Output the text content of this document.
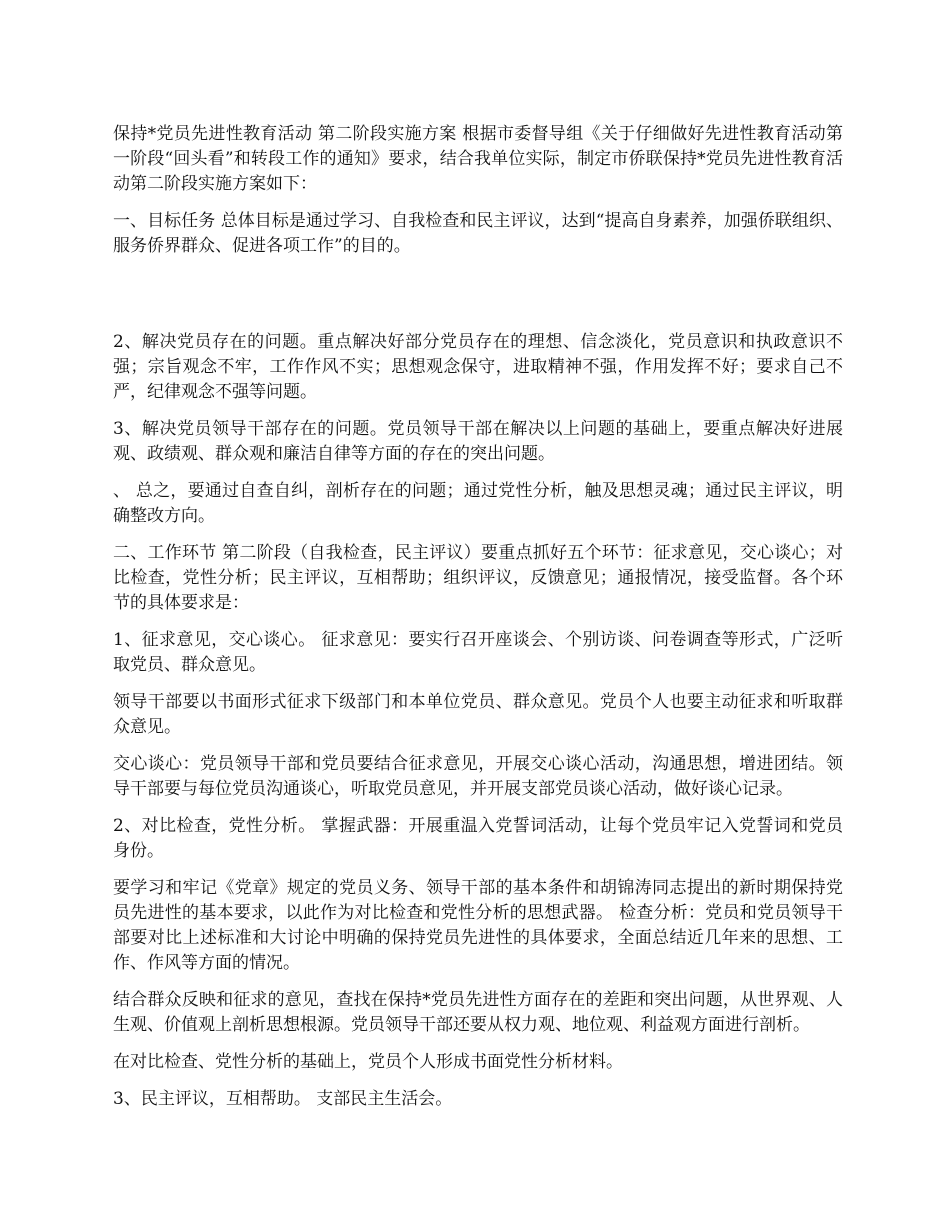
保持*党员先进性教育活动 第二阶段实施方案 根据市委督导组《关于仔细做好先进性教育活动第一阶段“回头看”和转段工作的通知》要求，结合我单位实际，制定市侨联保持*党员先进性教育活动第二阶段实施方案如下：

一、目标任务 总体目标是通过学习、自我检查和民主评议，达到“提高自身素养，加强侨联组织、服务侨界群众、促进各项工作”的目的。

2、解决党员存在的问题。重点解决好部分党员存在的理想、信念淡化，党员意识和执政意识不强；宗旨观念不牢，工作作风不实；思想观念保守，进取精神不强，作用发挥不好；要求自己不严，纪律观念不强等问题。

3、解决党员领导干部存在的问题。党员领导干部在解决以上问题的基础上，要重点解决好进展观、政绩观、群众观和廉洁自律等方面的存在的突出问题。

、 总之，要通过自查自纠，剖析存在的问题；通过党性分析，触及思想灵魂；通过民主评议，明确整改方向。

二、工作环节 第二阶段（自我检查，民主评议）要重点抓好五个环节：征求意见，交心谈心；对比检查，党性分析；民主评议，互相帮助；组织评议，反馈意见；通报情况，接受监督。各个环节的具体要求是：

1、征求意见，交心谈心。 征求意见：要实行召开座谈会、个别访谈、问卷调查等形式，广泛听取党员、群众意见。

领导干部要以书面形式征求下级部门和本单位党员、群众意见。党员个人也要主动征求和听取群众意见。

交心谈心：党员领导干部和党员要结合征求意见，开展交心谈心活动，沟通思想，增进团结。领导干部要与每位党员沟通谈心，听取党员意见，并开展支部党员谈心活动，做好谈心记录。

2、对比检查，党性分析。 掌握武器：开展重温入党誓词活动，让每个党员牢记入党誓词和党员身份。

要学习和牢记《党章》规定的党员义务、领导干部的基本条件和胡锦涛同志提出的新时期保持党员先进性的基本要求，以此作为对比检查和党性分析的思想武器。 检查分析：党员和党员领导干部要对比上述标准和大讨论中明确的保持党员先进性的具体要求，全面总结近几年来的思想、工作、作风等方面的情况。

结合群众反映和征求的意见，查找在保持*党员先进性方面存在的差距和突出问题，从世界观、人生观、价值观上剖析思想根源。党员领导干部还要从权力观、地位观、利益观方面进行剖析。

在对比检查、党性分析的基础上，党员个人形成书面党性分析材料。

3、民主评议，互相帮助。 支部民主生活会。
